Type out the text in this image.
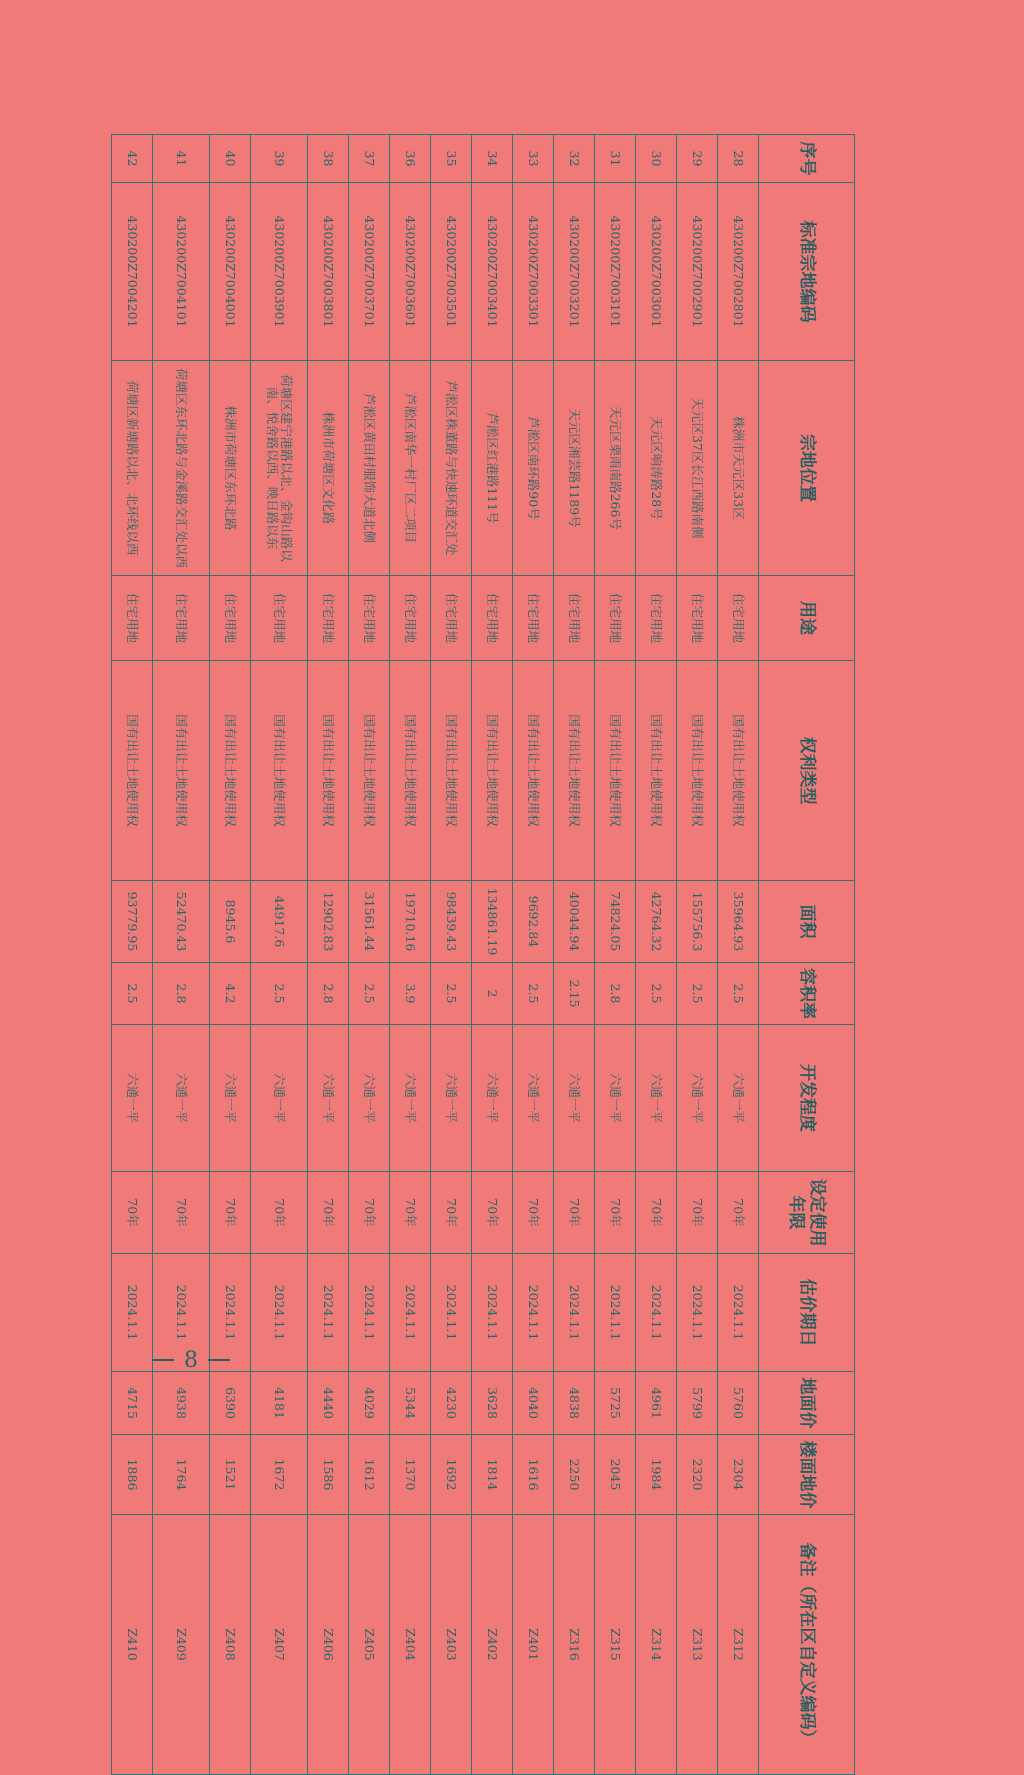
序号	标准宗地编码	宗地位置	用途	权利类型	面积	容积率	开发程度	设定使用年限	估价期日	地面价	楼面地价	备注（所在区自定义编码）
28	430200Z7002801	株洲市天元区33区	住宅用地	国有出让土地使用权	35964.93	2.5	六通一平	70年	2024.1.1	5760	2304	Z312
29	430200Z7002901	天元区37区长江西路南侧	住宅用地	国有出让土地使用权	155756.3	2.5	六通一平	70年	2024.1.1	5799	2320	Z313
30	430200Z7003001	天元区响涛路28号	住宅用地	国有出让土地使用权	42764.32	2.5	六通一平	70年	2024.1.1	4961	1984	Z314
31	430200Z7003101	天元区栗雨南路266号	住宅用地	国有出让土地使用权	74824.05	2.8	六通一平	70年	2024.1.1	5725	2045	Z315
32	430200Z7003201	天元区湘芸路1189号	住宅用地	国有出让土地使用权	40044.94	2.15	六通一平	70年	2024.1.1	4838	2250	Z316
33	430200Z7003301	芦淞区南环路90号	住宅用地	国有出让土地使用权	9692.84	2.5	六通一平	70年	2024.1.1	4040	1616	Z401
34	430200Z7003401	芦淞区红港路111号	住宅用地	国有出让土地使用权	134861.19	2	六通一平	70年	2024.1.1	3628	1814	Z402
35	430200Z7003501	芦淞区株董路与快速环道交汇处	住宅用地	国有出让土地使用权	98439.43	2.5	六通一平	70年	2024.1.1	4230	1692	Z403
36	430200Z7003601	芦淞区南华一村厂区二项目	住宅用地	国有出让土地使用权	19710.16	3.9	六通一平	70年	2024.1.1	5344	1370	Z404
37	430200Z7003701	芦淞区黄田村服饰大道北侧	住宅用地	国有出让土地使用权	31561.44	2.5	六通一平	70年	2024.1.1	4029	1612	Z405
38	430200Z7003801	株洲市荷塘区文化路	住宅用地	国有出让土地使用权	12902.83	2.8	六通一平	70年	2024.1.1	4440	1586	Z406
39	430200Z7003901	荷塘区建宁港路以北、金钩山路以南、悦舍路以西、映日路以东	住宅用地	国有出让土地使用权	44917.6	2.5	六通一平	70年	2024.1.1	4181	1672	Z407
40	430200Z7004001	株洲市荷塘区东环北路	住宅用地	国有出让土地使用权	8945.6	4.2	六通一平	70年	2024.1.1	6390	1521	Z408
41	430200Z7004101	荷塘区东环北路与金溪路交汇处以西	住宅用地	国有出让土地使用权	52470.43	2.8	六通一平	70年	2024.1.1	4938	1764	Z409
42	430200Z7004201	荷塘区新塘路以北、北环线以西	住宅用地	国有出让土地使用权	93779.95	2.5	六通一平	70年	2024.1.1	4715	1886	Z410
8
